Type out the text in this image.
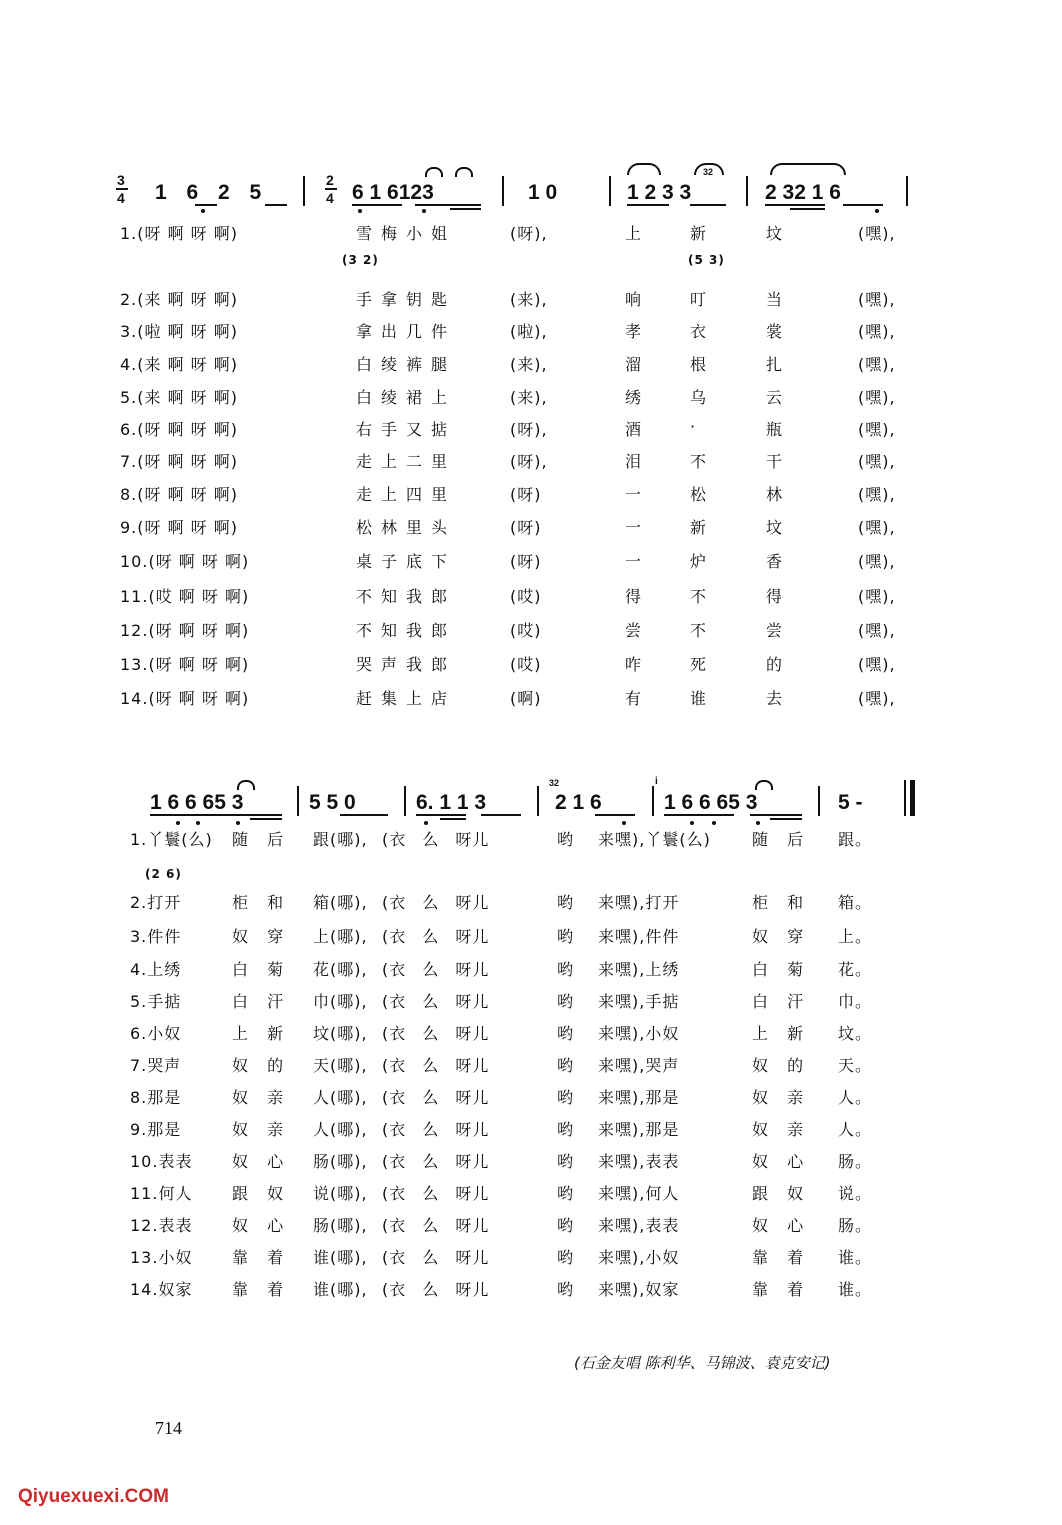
3
4 1 6 2 5
2
4 6 1 6123	1 0	1 2 3 3
32
2 32 1 6
(3 2)	(5 3)
1.(呀 啊 呀 啊)	雪梅小姐	(呀),	上	新	坟	(嘿),
2.(来 啊 呀 啊)	手拿钥匙	(来),	响	叮	当	(嘿),
3.(啦 啊 呀 啊)	拿出几件	(啦),	孝	衣	裳	(嘿),
4.(来 啊 呀 啊)	白绫裤腿	(来),	溜	根	扎	(嘿),
5.(来 啊 呀 啊)	白绫裙上	(来),	绣	乌	云	(嘿),
6.(呀 啊 呀 啊)	右手又掂	(呀),	酒	·	瓶	(嘿),
7.(呀 啊 呀 啊)	走上二里	(呀),	泪	不	干	(嘿),
8.(呀 啊 呀 啊)	走上四里	(呀)	一	松	林	(嘿),
9.(呀 啊 呀 啊)	松林里头	(呀)	一	新	坟	(嘿),
10.(呀 啊 呀 啊)	桌子底下	(呀)	一	炉	香	(嘿),
11.(哎 啊 呀 啊)	不知我郎	(哎)	得	不	得	(嘿),
12.(呀 啊 呀 啊)	不知我郎	(哎)	尝	不	尝	(嘿),
13.(呀 啊 呀 啊)	哭声我郎	(哎)	咋	死	的	(嘿),
14.(呀 啊 呀 啊)	赶集上店	(啊)	有	谁	去	(嘿),
1 6 6 65 3	5 5 0	6. 1 1 3
32
2 1 6
i
1 6 6 65 3	5 -
(2 6)
1.丫鬟(么) 随 后 跟(哪), (衣 么 呀儿	哟 来嘿),丫鬟(么)	随 后 跟。
2.打开	柜 和 箱(哪), (衣 么 呀儿	哟 来嘿),打开	柜 和 箱。
3.件件	奴 穿 上(哪), (衣 么 呀儿	哟 来嘿),件件	奴 穿 上。
4.上绣	白 菊 花(哪), (衣 么 呀儿	哟 来嘿),上绣	白 菊 花。
5.手掂	白 汗 巾(哪), (衣 么 呀儿	哟 来嘿),手掂	白 汗 巾。
6.小奴	上 新 坟(哪), (衣 么 呀儿	哟 来嘿),小奴	上 新 坟。
7.哭声	奴 的 天(哪), (衣 么 呀儿	哟 来嘿),哭声	奴 的 天。
8.那是	奴 亲 人(哪), (衣 么 呀儿	哟 来嘿),那是	奴 亲 人。
9.那是	奴 亲 人(哪), (衣 么 呀儿	哟 来嘿),那是	奴 亲 人。
10.表表 奴 心 肠(哪), (衣 么 呀儿	哟 来嘿),表表	奴 心 肠。
11.何人 跟 奴 说(哪), (衣 么 呀儿	哟 来嘿),何人	跟 奴 说。
12.表表 奴 心 肠(哪), (衣 么 呀儿	哟 来嘿),表表	奴 心 肠。
13.小奴 靠 着 谁(哪), (衣 么 呀儿	哟 来嘿),小奴	靠 着 谁。
14.奴家 靠 着 谁(哪), (衣 么 呀儿	哟 来嘿),奴家	靠 着 谁。
(石金友唱 陈利华、马锦波、袁克安记)
714
Qiyuexuexi.COM
